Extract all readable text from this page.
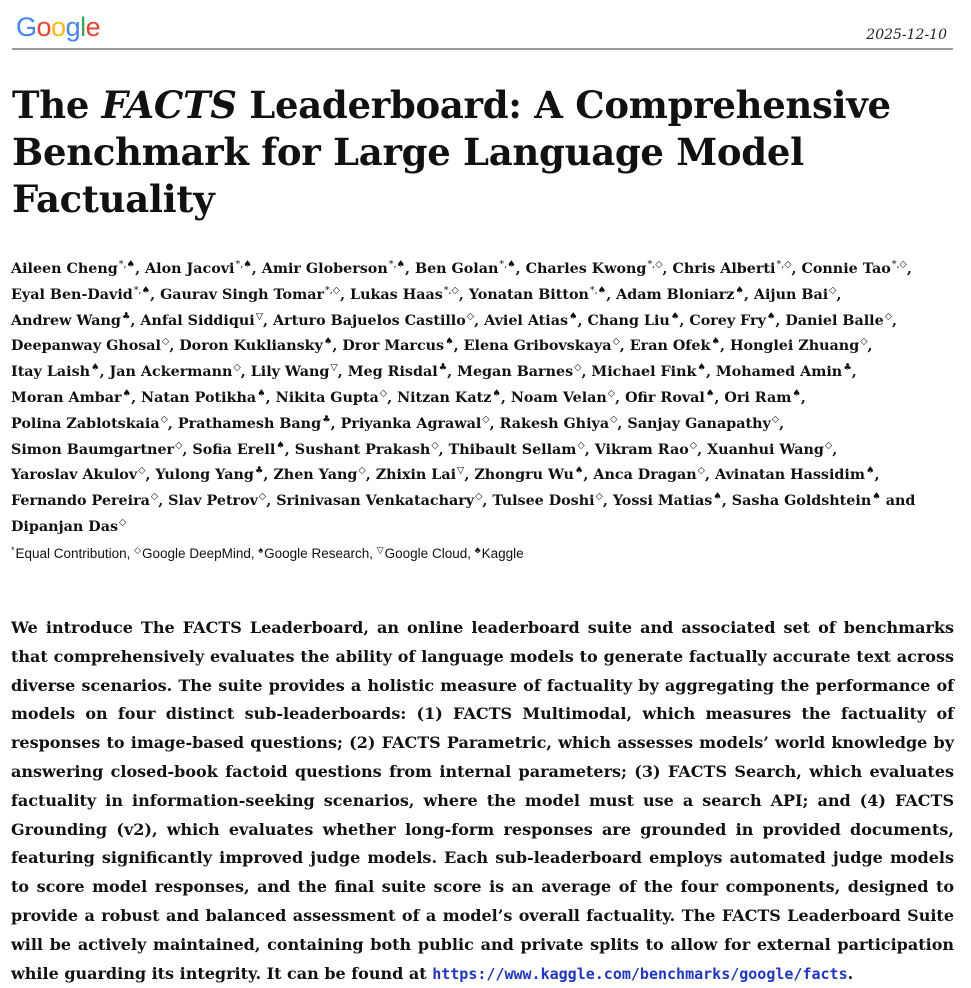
Google	2025-12-10
The FACTS Leaderboard: A Comprehensive Benchmark for Large Language Model Factuality
Aileen Cheng*,♠, Alon Jacovi*,♠, Amir Globerson*,♠, Ben Golan*,♠, Charles Kwong*,◇, Chris Alberti*,◇, Connie Tao*,◇, Eyal Ben-David*,♠, Gaurav Singh Tomar*,◇, Lukas Haas*,◇, Yonatan Bitton*,♠, Adam Bloniarz♠, Aijun Bai◇, Andrew Wang♣, Anfal Siddiqui▽, Arturo Bajuelos Castillo◇, Aviel Atias♠, Chang Liu♠, Corey Fry♠, Daniel Balle◇, Deepanway Ghosal◇, Doron Kukliansky♠, Dror Marcus♠, Elena Gribovskaya◇, Eran Ofek♠, Honglei Zhuang◇, Itay Laish♠, Jan Ackermann◇, Lily Wang▽, Meg Risdal♣, Megan Barnes◇, Michael Fink♠, Mohamed Amin♣, Moran Ambar♠, Natan Potikha♠, Nikita Gupta◇, Nitzan Katz♠, Noam Velan◇, Ofir Roval♠, Ori Ram♠, Polina Zablotskaia◇, Prathamesh Bang♣, Priyanka Agrawal◇, Rakesh Ghiya◇, Sanjay Ganapathy◇, Simon Baumgartner◇, Sofia Erell♠, Sushant Prakash◇, Thibault Sellam◇, Vikram Rao◇, Xuanhui Wang◇, Yaroslav Akulov◇, Yulong Yang♣, Zhen Yang◇, Zhixin Lai▽, Zhongru Wu♠, Anca Dragan◇, Avinatan Hassidim♠, Fernando Pereira◇, Slav Petrov◇, Srinivasan Venkatachary◇, Tulsee Doshi◇, Yossi Matias♠, Sasha Goldshtein♠ and Dipanjan Das◇
*Equal Contribution, ◇Google DeepMind, ♠Google Research, ▽Google Cloud, ♣Kaggle

We introduce The FACTS Leaderboard, an online leaderboard suite and associated set of benchmarks that comprehensively evaluates the ability of language models to generate factually accurate text across diverse scenarios. The suite provides a holistic measure of factuality by aggregating the performance of models on four distinct sub-leaderboards: (1) FACTS Multimodal, which measures the factuality of responses to image-based questions; (2) FACTS Parametric, which assesses models’ world knowledge by answering closed-book factoid questions from internal parameters; (3) FACTS Search, which evaluates factuality in information-seeking scenarios, where the model must use a search API; and (4) FACTS Grounding (v2), which evaluates whether long-form responses are grounded in provided documents, featuring significantly improved judge models. Each sub-leaderboard employs automated judge models to score model responses, and the final suite score is an average of the four components, designed to provide a robust and balanced assessment of a model’s overall factuality. The FACTS Leaderboard Suite will be actively maintained, containing both public and private splits to allow for external participation while guarding its integrity. It can be found at https://www.kaggle.com/benchmarks/google/facts.
